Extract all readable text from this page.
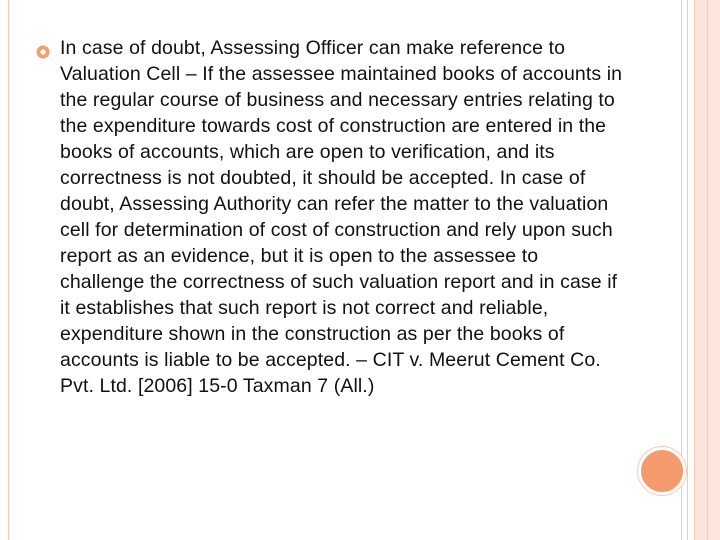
In case of doubt, Assessing Officer can make reference to Valuation Cell – If the assessee maintained books of accounts in the regular course of business and necessary entries relating to the expenditure towards cost of construction are entered in the books of accounts, which are open to verification, and its correctness is not doubted, it should be accepted. In case of doubt, Assessing Authority can refer the matter to the valuation cell for determination of cost of construction and rely upon such report as an evidence, but it is open to the assessee to challenge the correctness of such valuation report and in case if it establishes that such report is not correct and reliable, expenditure shown in the construction as per the books of accounts is liable to be accepted. – CIT v. Meerut Cement Co. Pvt. Ltd. [2006] 15-0 Taxman 7 (All.)
